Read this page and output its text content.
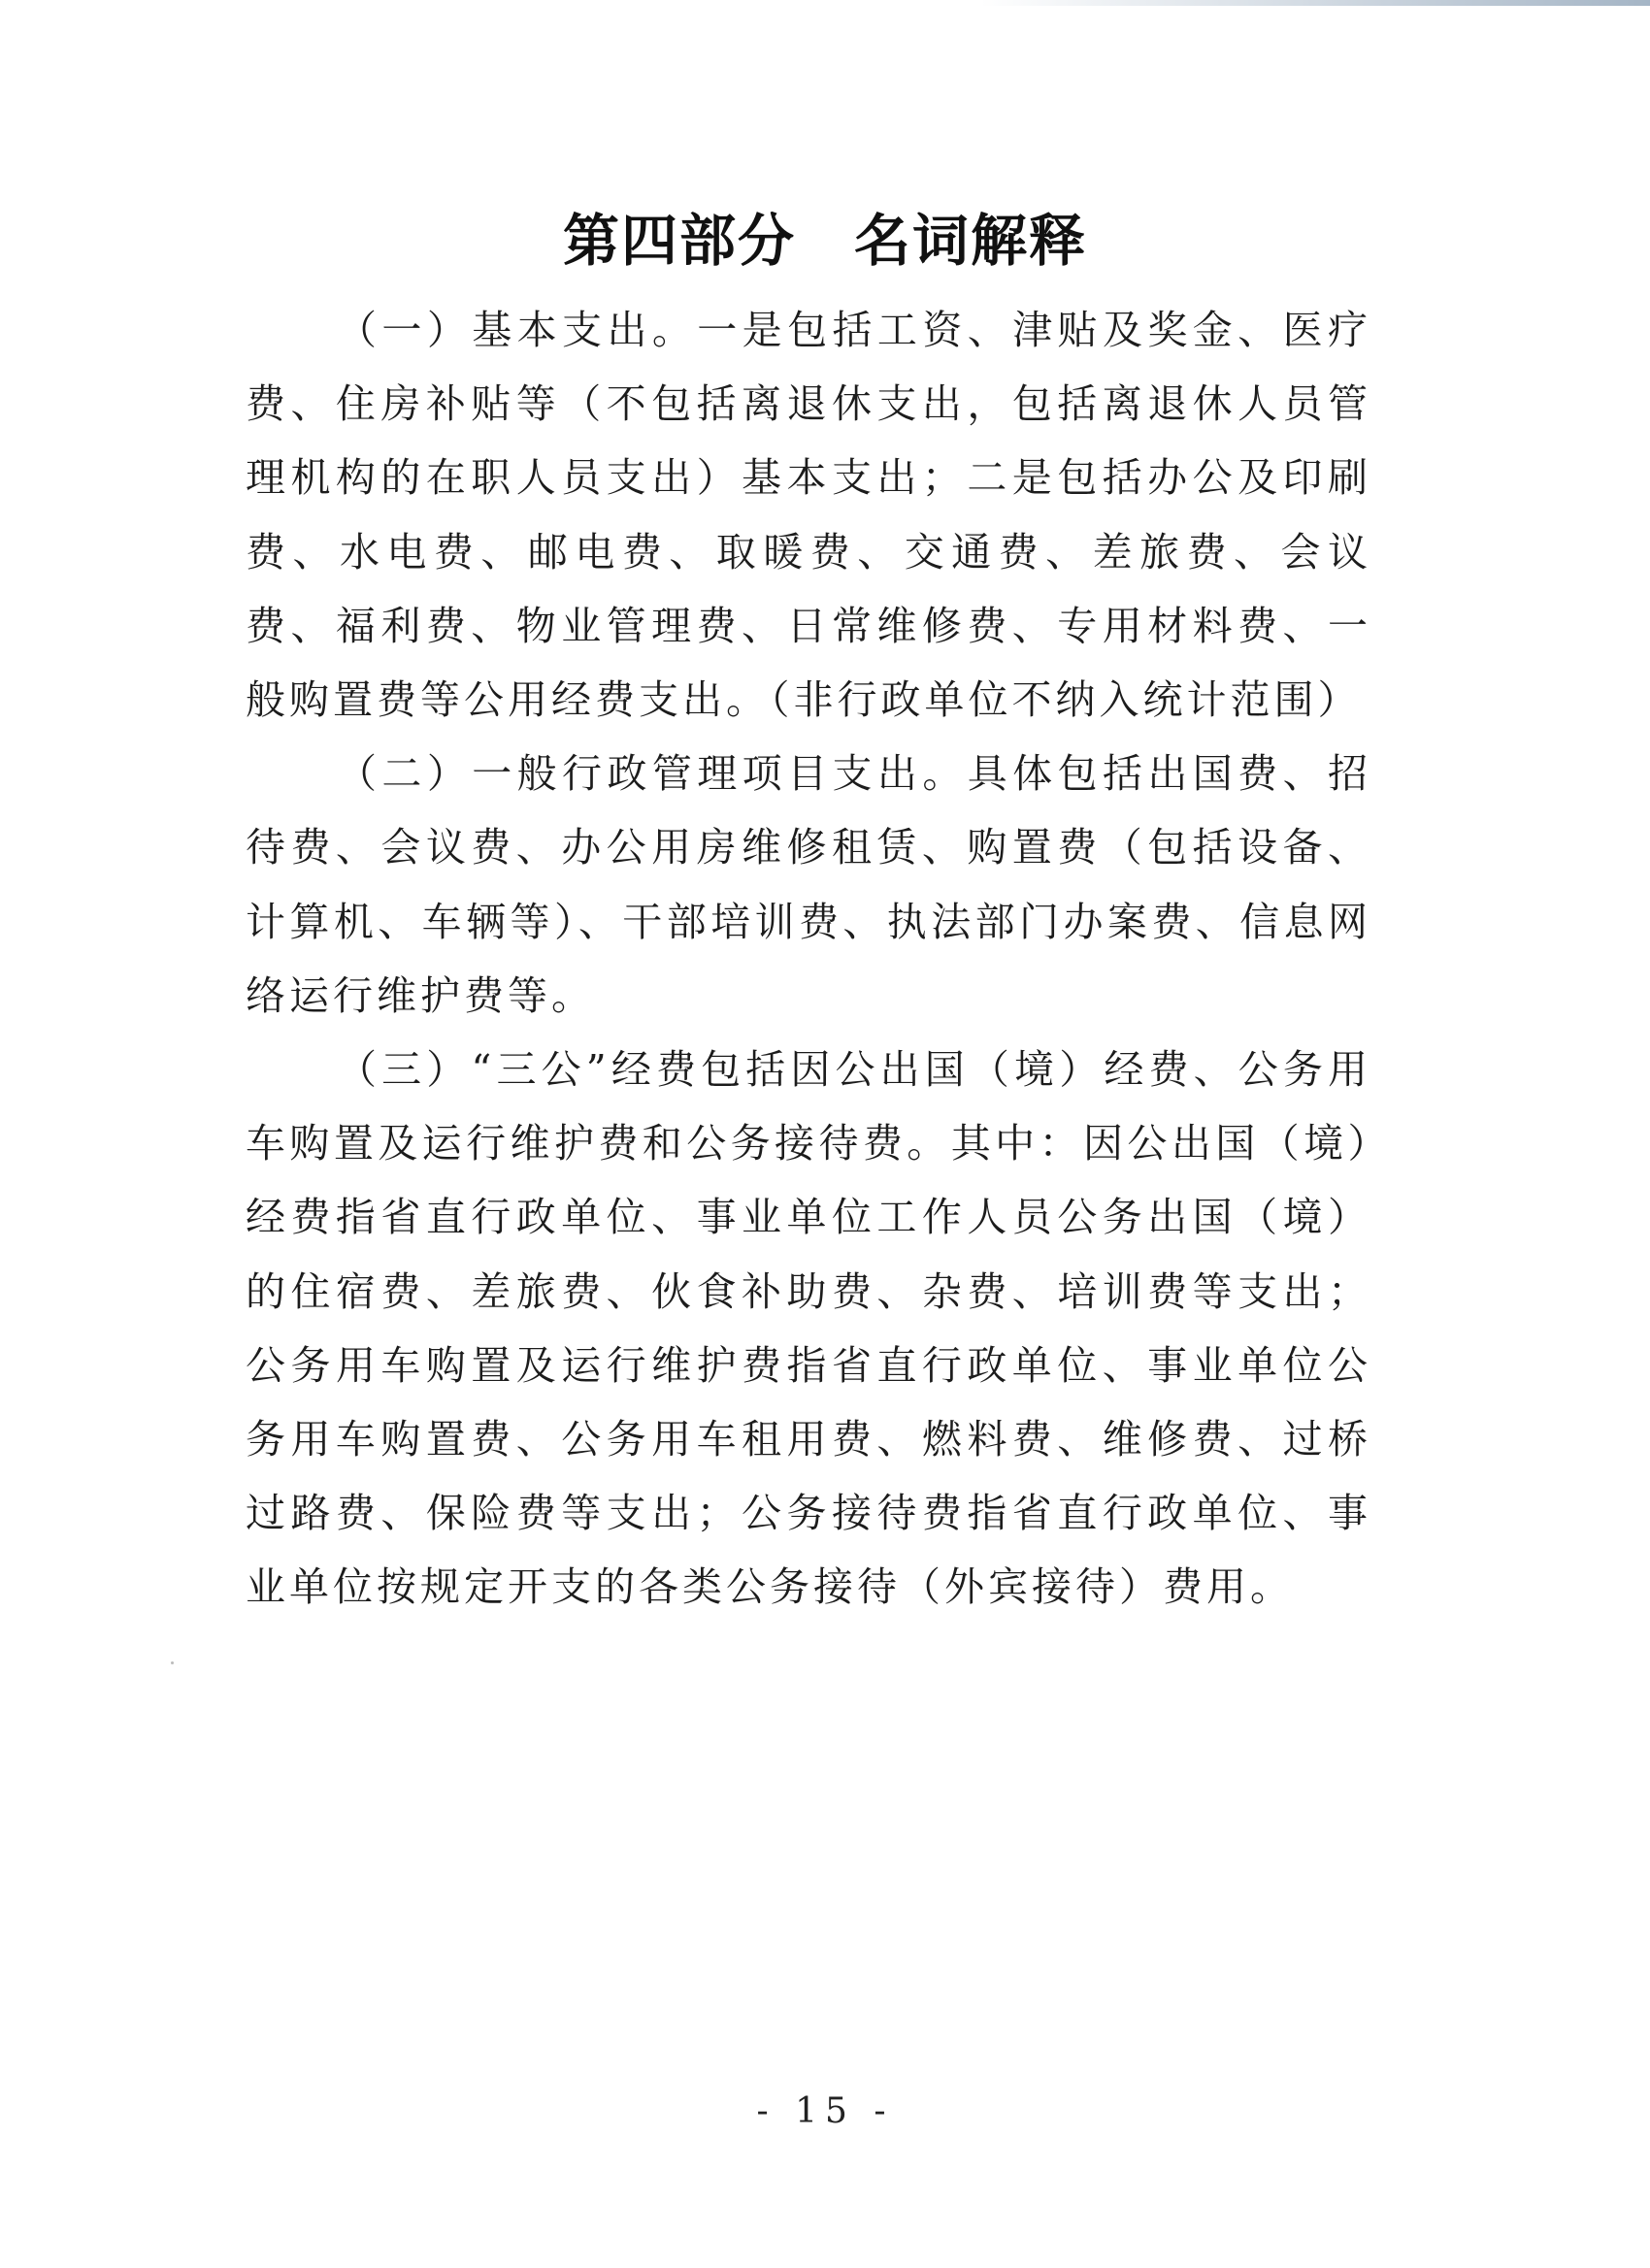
第四部分 名词解释

（一）基本支出。一是包括工资、津贴及奖金、医疗费、住房补贴等（不包括离退休支出，包括离退休人员管理机构的在职人员支出）基本支出；二是包括办公及印刷费、水电费、邮电费、取暖费、交通费、差旅费、会议费、福利费、物业管理费、日常维修费、专用材料费、一般购置费等公用经费支出。（非行政单位不纳入统计范围）

（二）一般行政管理项目支出。具体包括出国费、招待费、会议费、办公用房维修租赁、购置费（包括设备、计算机、车辆等）、干部培训费、执法部门办案费、信息网络运行维护费等。

（三）“三公”经费包括因公出国（境）经费、公务用车购置及运行维护费和公务接待费。其中：因公出国（境）经费指省直行政单位、事业单位工作人员公务出国（境）的住宿费、差旅费、伙食补助费、杂费、培训费等支出；公务用车购置及运行维护费指省直行政单位、事业单位公务用车购置费、公务用车租用费、燃料费、维修费、过桥过路费、保险费等支出；公务接待费指省直行政单位、事业单位按规定开支的各类公务接待（外宾接待）费用。

- 15 -
